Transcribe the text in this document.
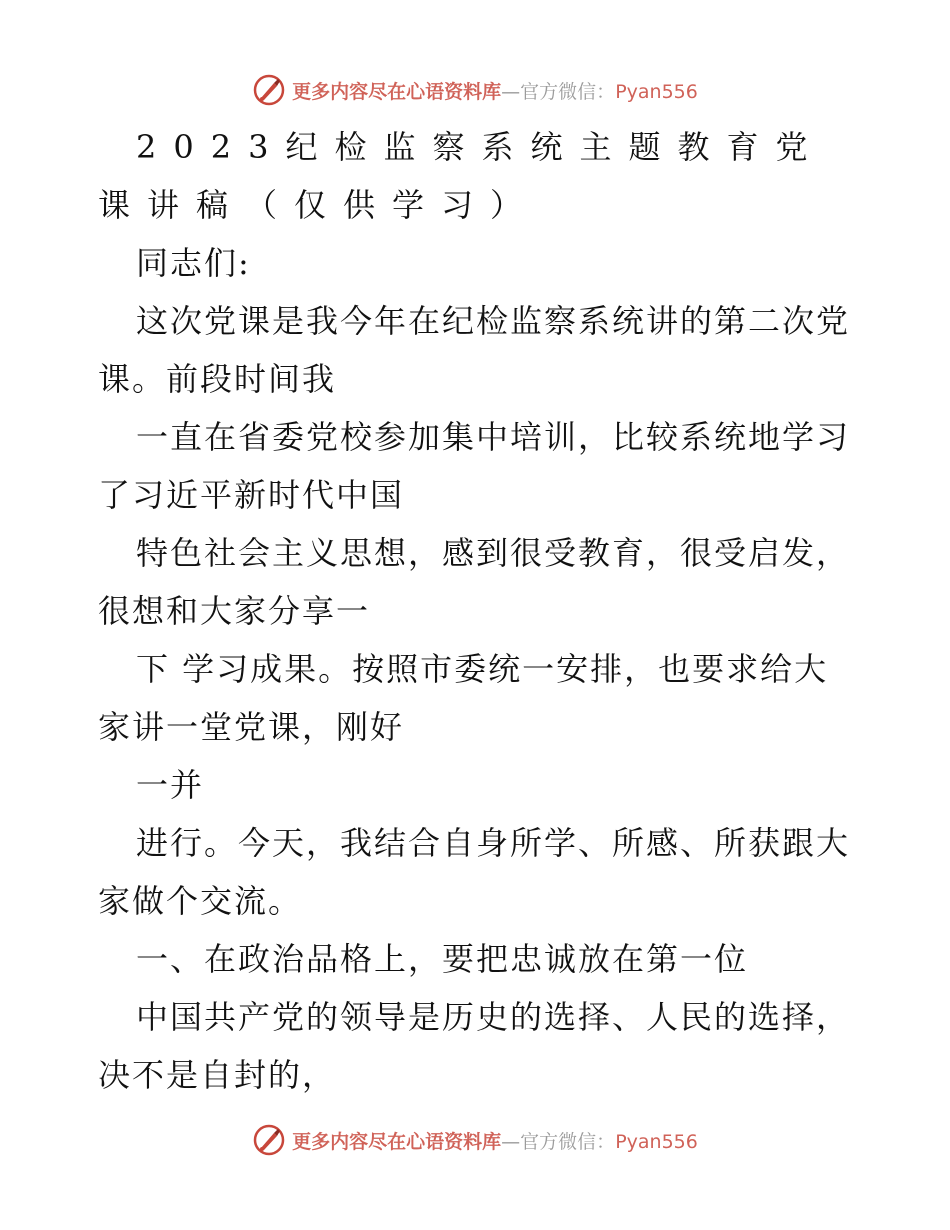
更多内容尽在心语资料库—官方微信：Pyan556
2023纪检监察系统主题教育党
课讲稿（仅供学习）

同志们:

这次党课是我今年在纪检监察系统讲的第二次党

课。前段时间我

一直在省委党校参加集中培训，比较系统地学习

了习近平新时代中国

特色社会主义思想，感到很受教育，很受启发，

很想和大家分享一

下 学习成果。按照市委统一安排，也要求给大

家讲一堂党课，刚好

一并

进行。今天，我结合自身所学、所感、所获跟大

家做个交流。

一、在政治品格上，要把忠诚放在第一位

中国共产党的领导是历史的选择、人民的选择，

决不是自封的，

更多内容尽在心语资料库—官方微信：Pyan556
